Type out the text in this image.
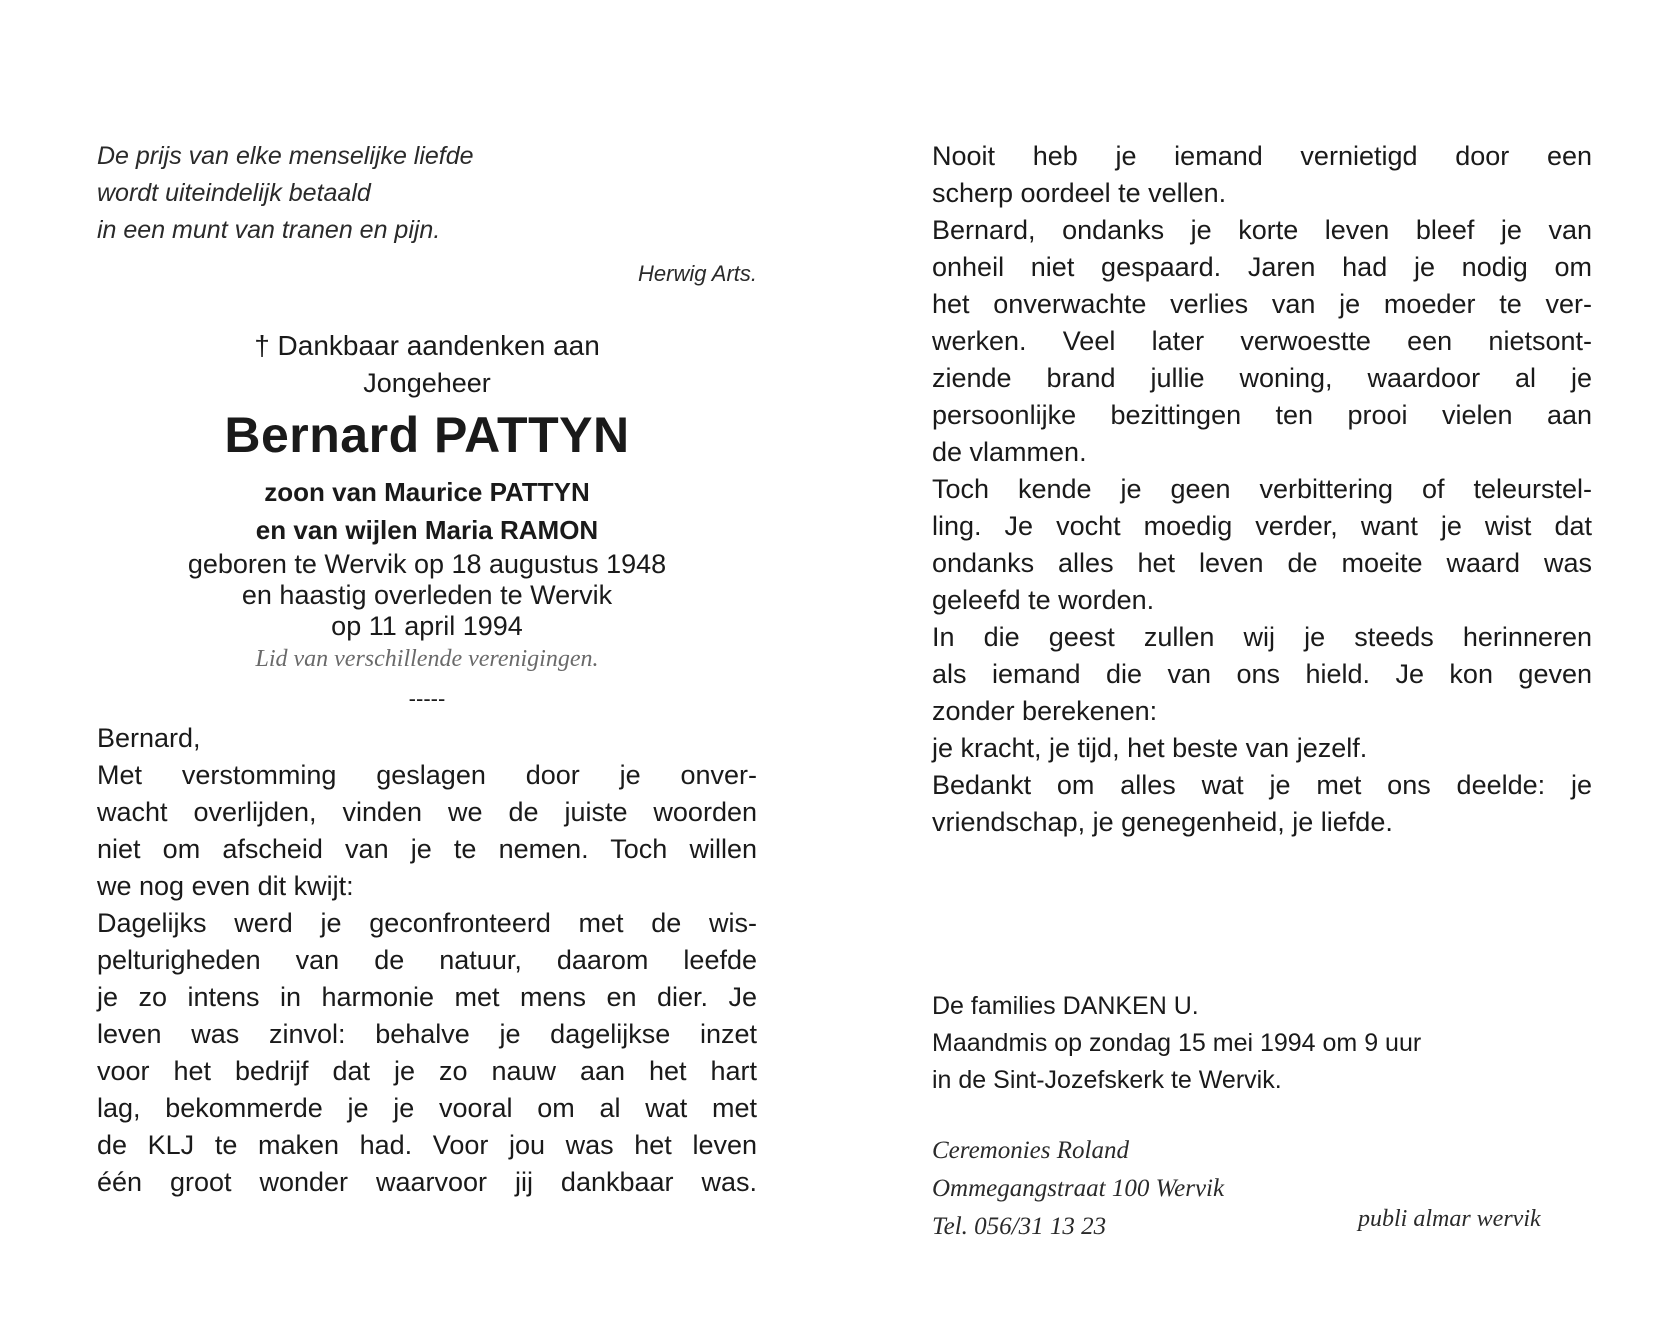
De prijs van elke menselijke liefde
wordt uiteindelijk betaald
in een munt van tranen en pijn.
Herwig Arts.
† Dankbaar aandenken aan
Jongeheer
Bernard PATTYN
zoon van Maurice PATTYN
en van wijlen Maria RAMON
geboren te Wervik op 18 augustus 1948
en haastig overleden te Wervik
op 11 april 1994
Lid van verschillende verenigingen.
-----
Bernard,
Met verstomming geslagen door je onver-
wacht overlijden, vinden we de juiste woorden
niet om afscheid van je te nemen. Toch willen
we nog even dit kwijt:
Dagelijks werd je geconfronteerd met de wis-
pelturigheden van de natuur, daarom leefde
je zo intens in harmonie met mens en dier. Je
leven was zinvol: behalve je dagelijkse inzet
voor het bedrijf dat je zo nauw aan het hart
lag, bekommerde je je vooral om al wat met
de KLJ te maken had. Voor jou was het leven
één groot wonder waarvoor jij dankbaar was.
Nooit heb je iemand vernietigd door een
scherp oordeel te vellen.
Bernard, ondanks je korte leven bleef je van
onheil niet gespaard. Jaren had je nodig om
het onverwachte verlies van je moeder te ver-
werken. Veel later verwoestte een nietsont-
ziende brand jullie woning, waardoor al je
persoonlijke bezittingen ten prooi vielen aan
de vlammen.
Toch kende je geen verbittering of teleurstel-
ling. Je vocht moedig verder, want je wist dat
ondanks alles het leven de moeite waard was
geleefd te worden.
In die geest zullen wij je steeds herinneren
als iemand die van ons hield. Je kon geven
zonder berekenen:
je kracht, je tijd, het beste van jezelf.
Bedankt om alles wat je met ons deelde: je
vriendschap, je genegenheid, je liefde.
De families DANKEN U.
Maandmis op zondag 15 mei 1994 om 9 uur
in de Sint-Jozefskerk te Wervik.
Ceremonies Roland
Ommegangstraat 100 Wervik
Tel. 056/31 13 23	publi almar wervik
